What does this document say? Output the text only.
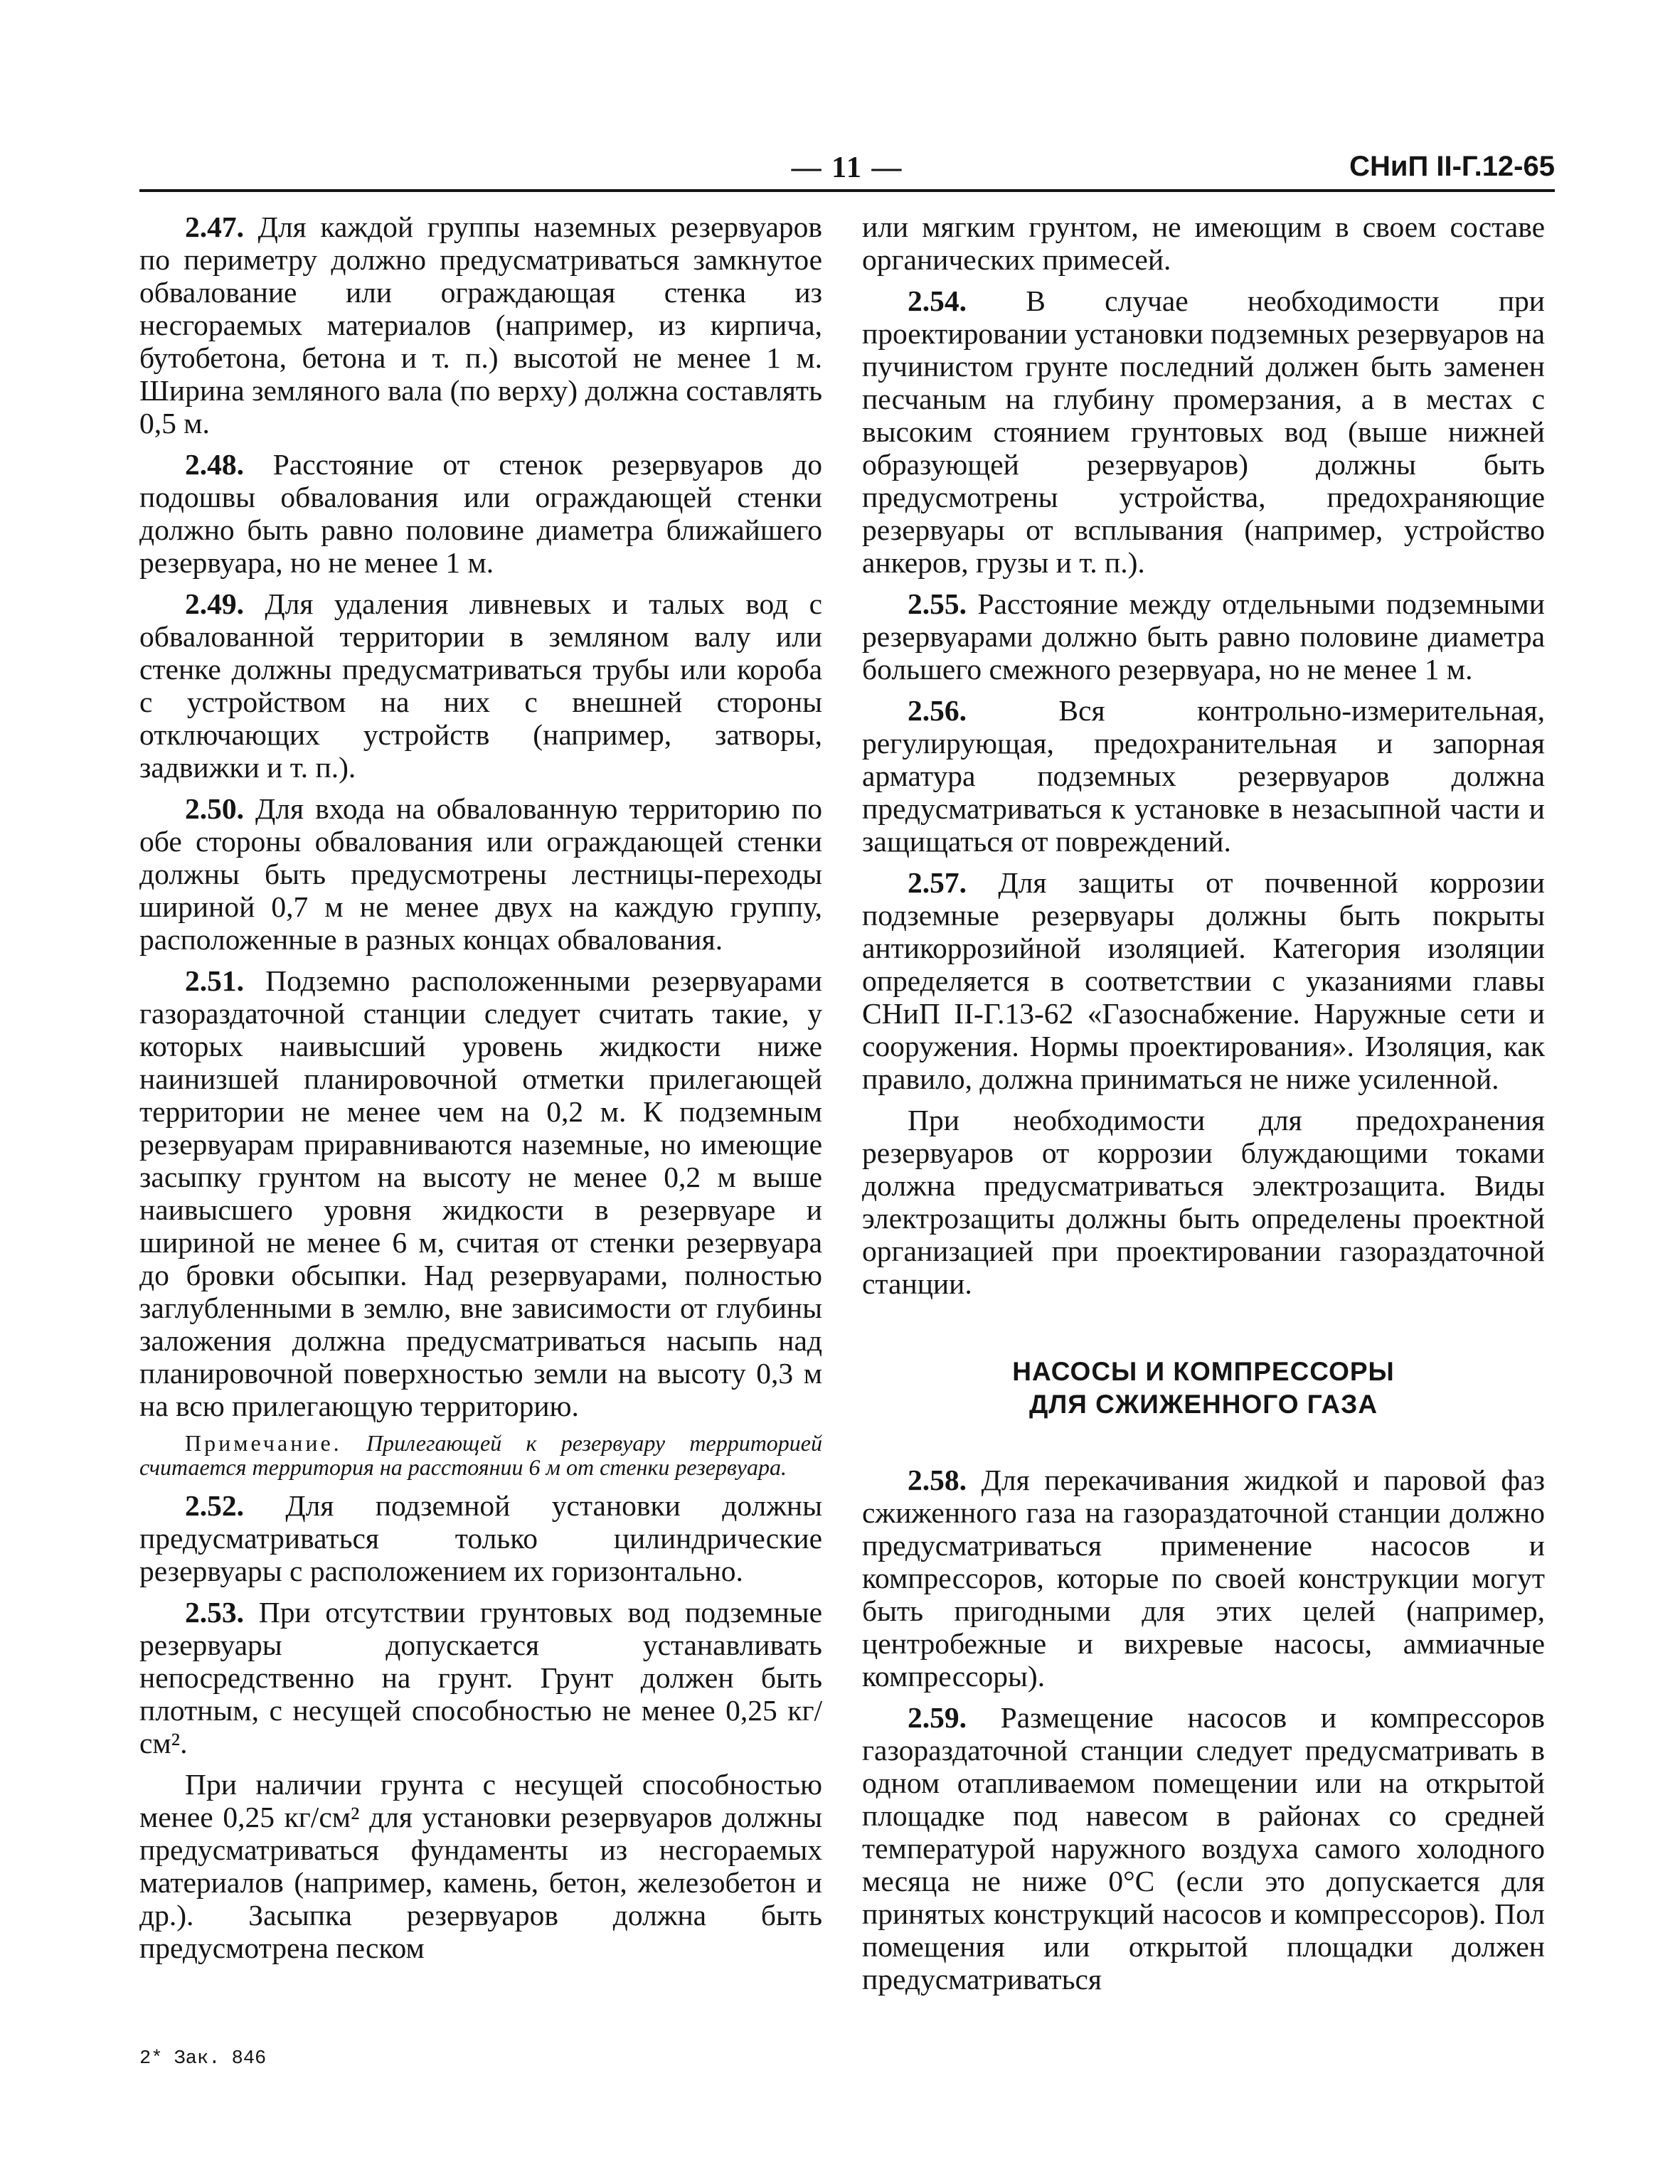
— 11 —	СНиП II-Г.12-65

2.47. Для каждой группы наземных резервуаров по периметру должно предусматриваться замкнутое обвалование или ограждающая стенка из несгораемых материалов (например, из кирпича, бутобетона, бетона и т. п.) высотой не менее 1 м. Ширина земляного вала (по верху) должна составлять 0,5 м.

2.48. Расстояние от стенок резервуаров до подошвы обвалования или ограждающей стенки должно быть равно половине диаметра ближайшего резервуара, но не менее 1 м.

2.49. Для удаления ливневых и талых вод с обвалованной территории в земляном валу или стенке должны предусматриваться трубы или короба с устройством на них с внешней стороны отключающих устройств (например, затворы, задвижки и т. п.).

2.50. Для входа на обвалованную территорию по обе стороны обвалования или ограждающей стенки должны быть предусмотрены лестницы-переходы шириной 0,7 м не менее двух на каждую группу, расположенные в разных концах обвалования.

2.51. Подземно расположенными резервуарами газораздаточной станции следует считать такие, у которых наивысший уровень жидкости ниже наинизшей планировочной отметки прилегающей территории не менее чем на 0,2 м. К подземным резервуарам приравниваются наземные, но имеющие засыпку грунтом на высоту не менее 0,2 м выше наивысшего уровня жидкости в резервуаре и шириной не менее 6 м, считая от стенки резервуара до бровки обсыпки. Над резервуарами, полностью заглубленными в землю, вне зависимости от глубины заложения должна предусматриваться насыпь над планировочной поверхностью земли на высоту 0,3 м на всю прилегающую территорию.

Примечание. Прилегающей к резервуару территорией считается территория на расстоянии 6 м от стенки резервуара.

2.52. Для подземной установки должны предусматриваться только цилиндрические резервуары с расположением их горизонтально.

2.53. При отсутствии грунтовых вод подземные резервуары допускается устанавливать непосредственно на грунт. Грунт должен быть плотным, с несущей способностью не менее 0,25 кг/см².

При наличии грунта с несущей способностью менее 0,25 кг/см² для установки резервуаров должны предусматриваться фундаменты из несгораемых материалов (например, камень, бетон, железобетон и др.). Засыпка резервуаров должна быть предусмотрена песком

или мягким грунтом, не имеющим в своем составе органических примесей.

2.54. В случае необходимости при проектировании установки подземных резервуаров на пучинистом грунте последний должен быть заменен песчаным на глубину промерзания, а в местах с высоким стоянием грунтовых вод (выше нижней образующей резервуаров) должны быть предусмотрены устройства, предохраняющие резервуары от всплывания (например, устройство анкеров, грузы и т. п.).

2.55. Расстояние между отдельными подземными резервуарами должно быть равно половине диаметра большего смежного резервуара, но не менее 1 м.

2.56.	Вся контрольно-измерительная, регулирующая, предохранительная и запорная арматура подземных резервуаров должна предусматриваться к установке в незасыпной части и защищаться от повреждений.

2.57. Для защиты от почвенной коррозии подземные резервуары должны быть покрыты антикоррозийной изоляцией. Категория изоляции определяется в соответствии с указаниями главы СНиП II-Г.13-62 «Газоснабжение. Наружные сети и сооружения. Нормы проектирования». Изоляция, как правило, должна приниматься не ниже усиленной.

При необходимости для предохранения резервуаров от коррозии блуждающими токами должна предусматриваться электрозащита. Виды электрозащиты должны быть определены проектной организацией при проектировании газораздаточной станции.

НАСОСЫ И КОМПРЕССОРЫ
ДЛЯ СЖИЖЕННОГО ГАЗА

2.58. Для перекачивания жидкой и паровой фаз сжиженного газа на газораздаточной станции должно предусматриваться применение насосов и компрессоров, которые по своей конструкции могут быть пригодными для этих целей (например, центробежные и вихревые насосы, аммиачные компрессоры).

2.59. Размещение насосов и компрессоров газораздаточной станции следует предусматривать в одном отапливаемом помещении или на открытой площадке под навесом в районах со средней температурой наружного воздуха самого холодного месяца не ниже 0°С (если это допускается для принятых конструкций насосов и компрессоров). Пол помещения или открытой площадки должен предусматриваться

2* Зак. 846
